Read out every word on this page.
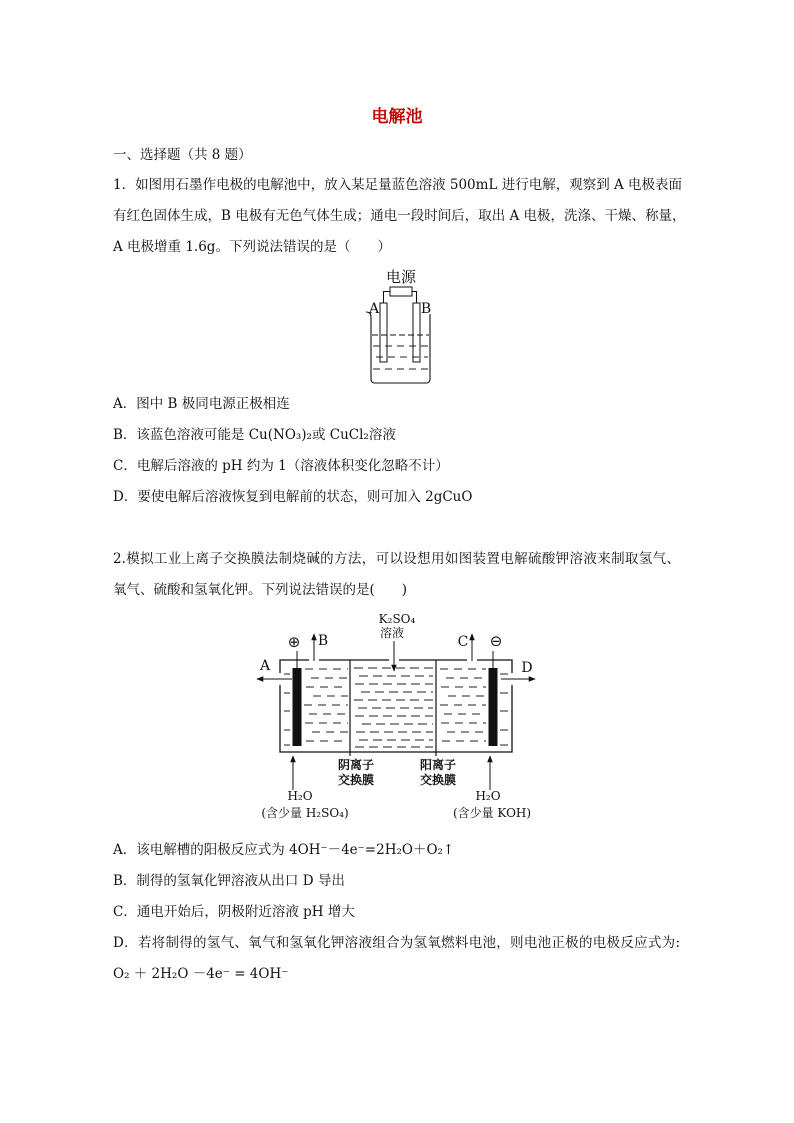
电解池
一、选择题（共 8 题）
1．如图用石墨作电极的电解池中，放入某足量蓝色溶液 500mL 进行电解，观察到 A 电极表面
有红色固体生成，B 电极有无色气体生成；通电一段时间后，取出 A 电极，洗涤、干燥、称量，
A 电极增重 1.6g。下列说法错误的是（　　）
电源
A	B
A．图中 B 极同电源正极相连
B．该蓝色溶液可能是 Cu(NO₃)₂或 CuCl₂溶液
C．电解后溶液的 pH 约为 1（溶液体积变化忽略不计）
D．要使电解后溶液恢复到电解前的状态，则可加入 2gCuO
2.模拟工业上离子交换膜法制烧碱的方法，可以设想用如图装置电解硫酸钾溶液来制取氢气、
氧气、硫酸和氢氧化钾。下列说法错误的是(　　)
K₂SO₄
溶液
⊕	⊖
B	C
A	D
阴离子
交换膜
阳离子
交换膜
H₂O
(含少量 H₂SO₄)
H₂O
(含少量 KOH)
A．该电解槽的阳极反应式为 4OH⁻－4e⁻=2H₂O＋O₂↑
B．制得的氢氧化钾溶液从出口 D 导出
C．通电开始后，阴极附近溶液 pH 增大
D．若将制得的氢气、氧气和氢氧化钾溶液组合为氢氧燃料电池，则电池正极的电极反应式为:
O₂ ＋ 2H₂O －4e⁻ = 4OH⁻
